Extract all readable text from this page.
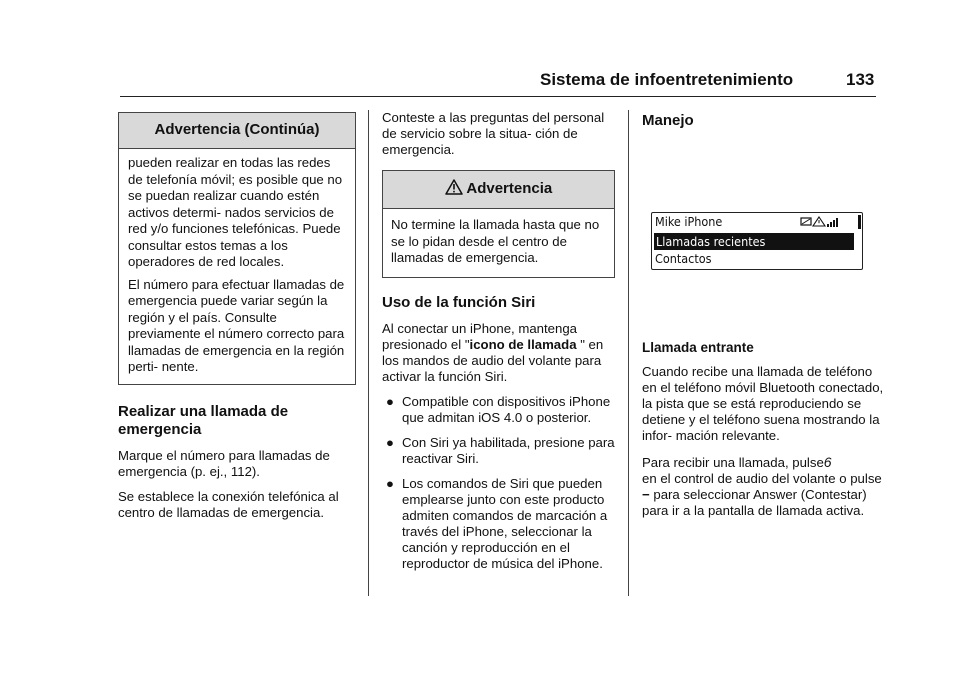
Sistema de infoentretenimiento	133
Advertencia (Continúa)

pueden realizar en todas las redes de telefonía móvil; es posible que no se puedan realizar cuando estén activos determi- nados servicios de red y/o funciones telefónicas. Puede consultar estos temas a los operadores de red locales.

El número para efectuar llamadas de emergencia puede variar según la región y el país. Consulte previamente el número correcto para llamadas de emergencia en la región perti- nente.

Realizar una llamada de emergencia

Marque el número para llamadas de emergencia (p. ej., 112).

Se establece la conexión telefónica al centro de llamadas de emergencia.

Conteste a las preguntas del personal de servicio sobre la situa- ción de emergencia.

Advertencia

No termine la llamada hasta que no se lo pidan desde el centro de llamadas de emergencia.

Uso de la función Siri

Al conectar un iPhone, mantenga presionado el "icono de llamada " en los mandos de audio del volante para activar la función Siri.

● Compatible con dispositivos iPhone que admitan iOS 4.0 o posterior.
● Con Siri ya habilitada, presione para reactivar Siri.
● Los comandos de Siri que pueden emplearse junto con este producto admiten comandos de marcación a través del iPhone, seleccionar la canción y reproducción en el reproductor de música del iPhone.
Manejo
Mike iPhone
Llamadas recientes
Contactos
Llamada entrante

Cuando recibe una llamada de teléfono en el teléfono móvil Bluetooth conectado, la pista que se está reproduciendo se detiene y el teléfono suena mostrando la infor- mación relevante.

Para recibir una llamada, pulse6
en el control de audio del volante o pulse − para seleccionar Answer (Contestar) para ir a la pantalla de llamada activa.
